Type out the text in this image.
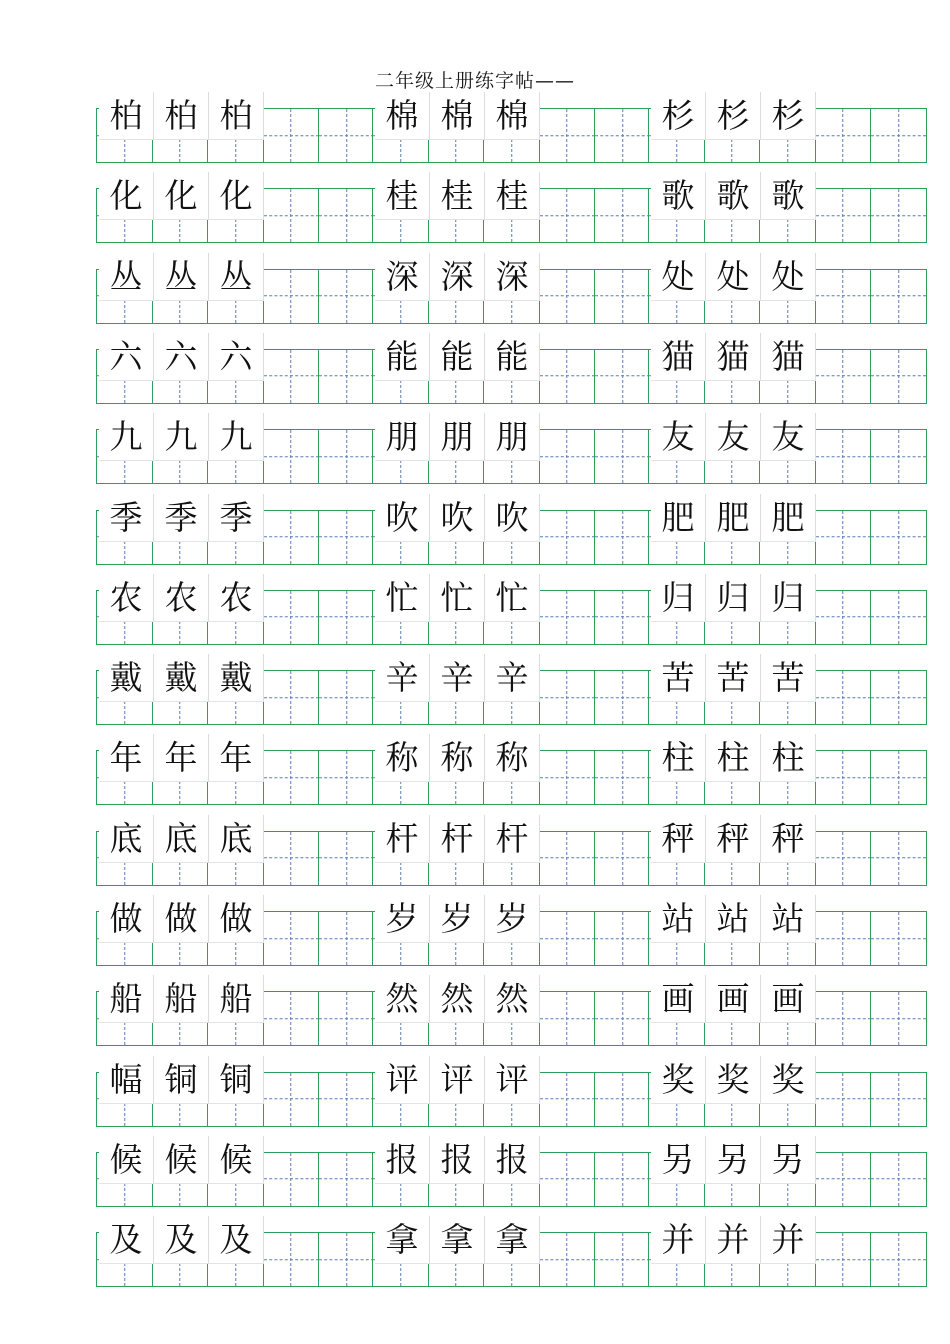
二年级上册练字帖——
柏 柏 柏	棉 棉 棉	杉 杉 杉
化 化 化	桂 桂 桂	歌 歌 歌
丛 丛 丛	深 深 深	处 处 处
六 六 六	能 能 能	猫 猫 猫
九 九 九	朋 朋 朋	友 友 友
季 季 季	吹 吹 吹	肥 肥 肥
农 农 农	忙 忙 忙	归 归 归
戴 戴 戴	辛 辛 辛	苦 苦 苦
年 年 年	称 称 称	柱 柱 柱
底 底 底	杆 杆 杆	秤 秤 秤
做 做 做	岁 岁 岁	站 站 站
船 船 船	然 然 然	画 画 画
幅 铜 铜	评 评 评	奖 奖 奖
候 候 候	报 报 报	另 另 另
及 及 及	拿 拿 拿	并 并 并
